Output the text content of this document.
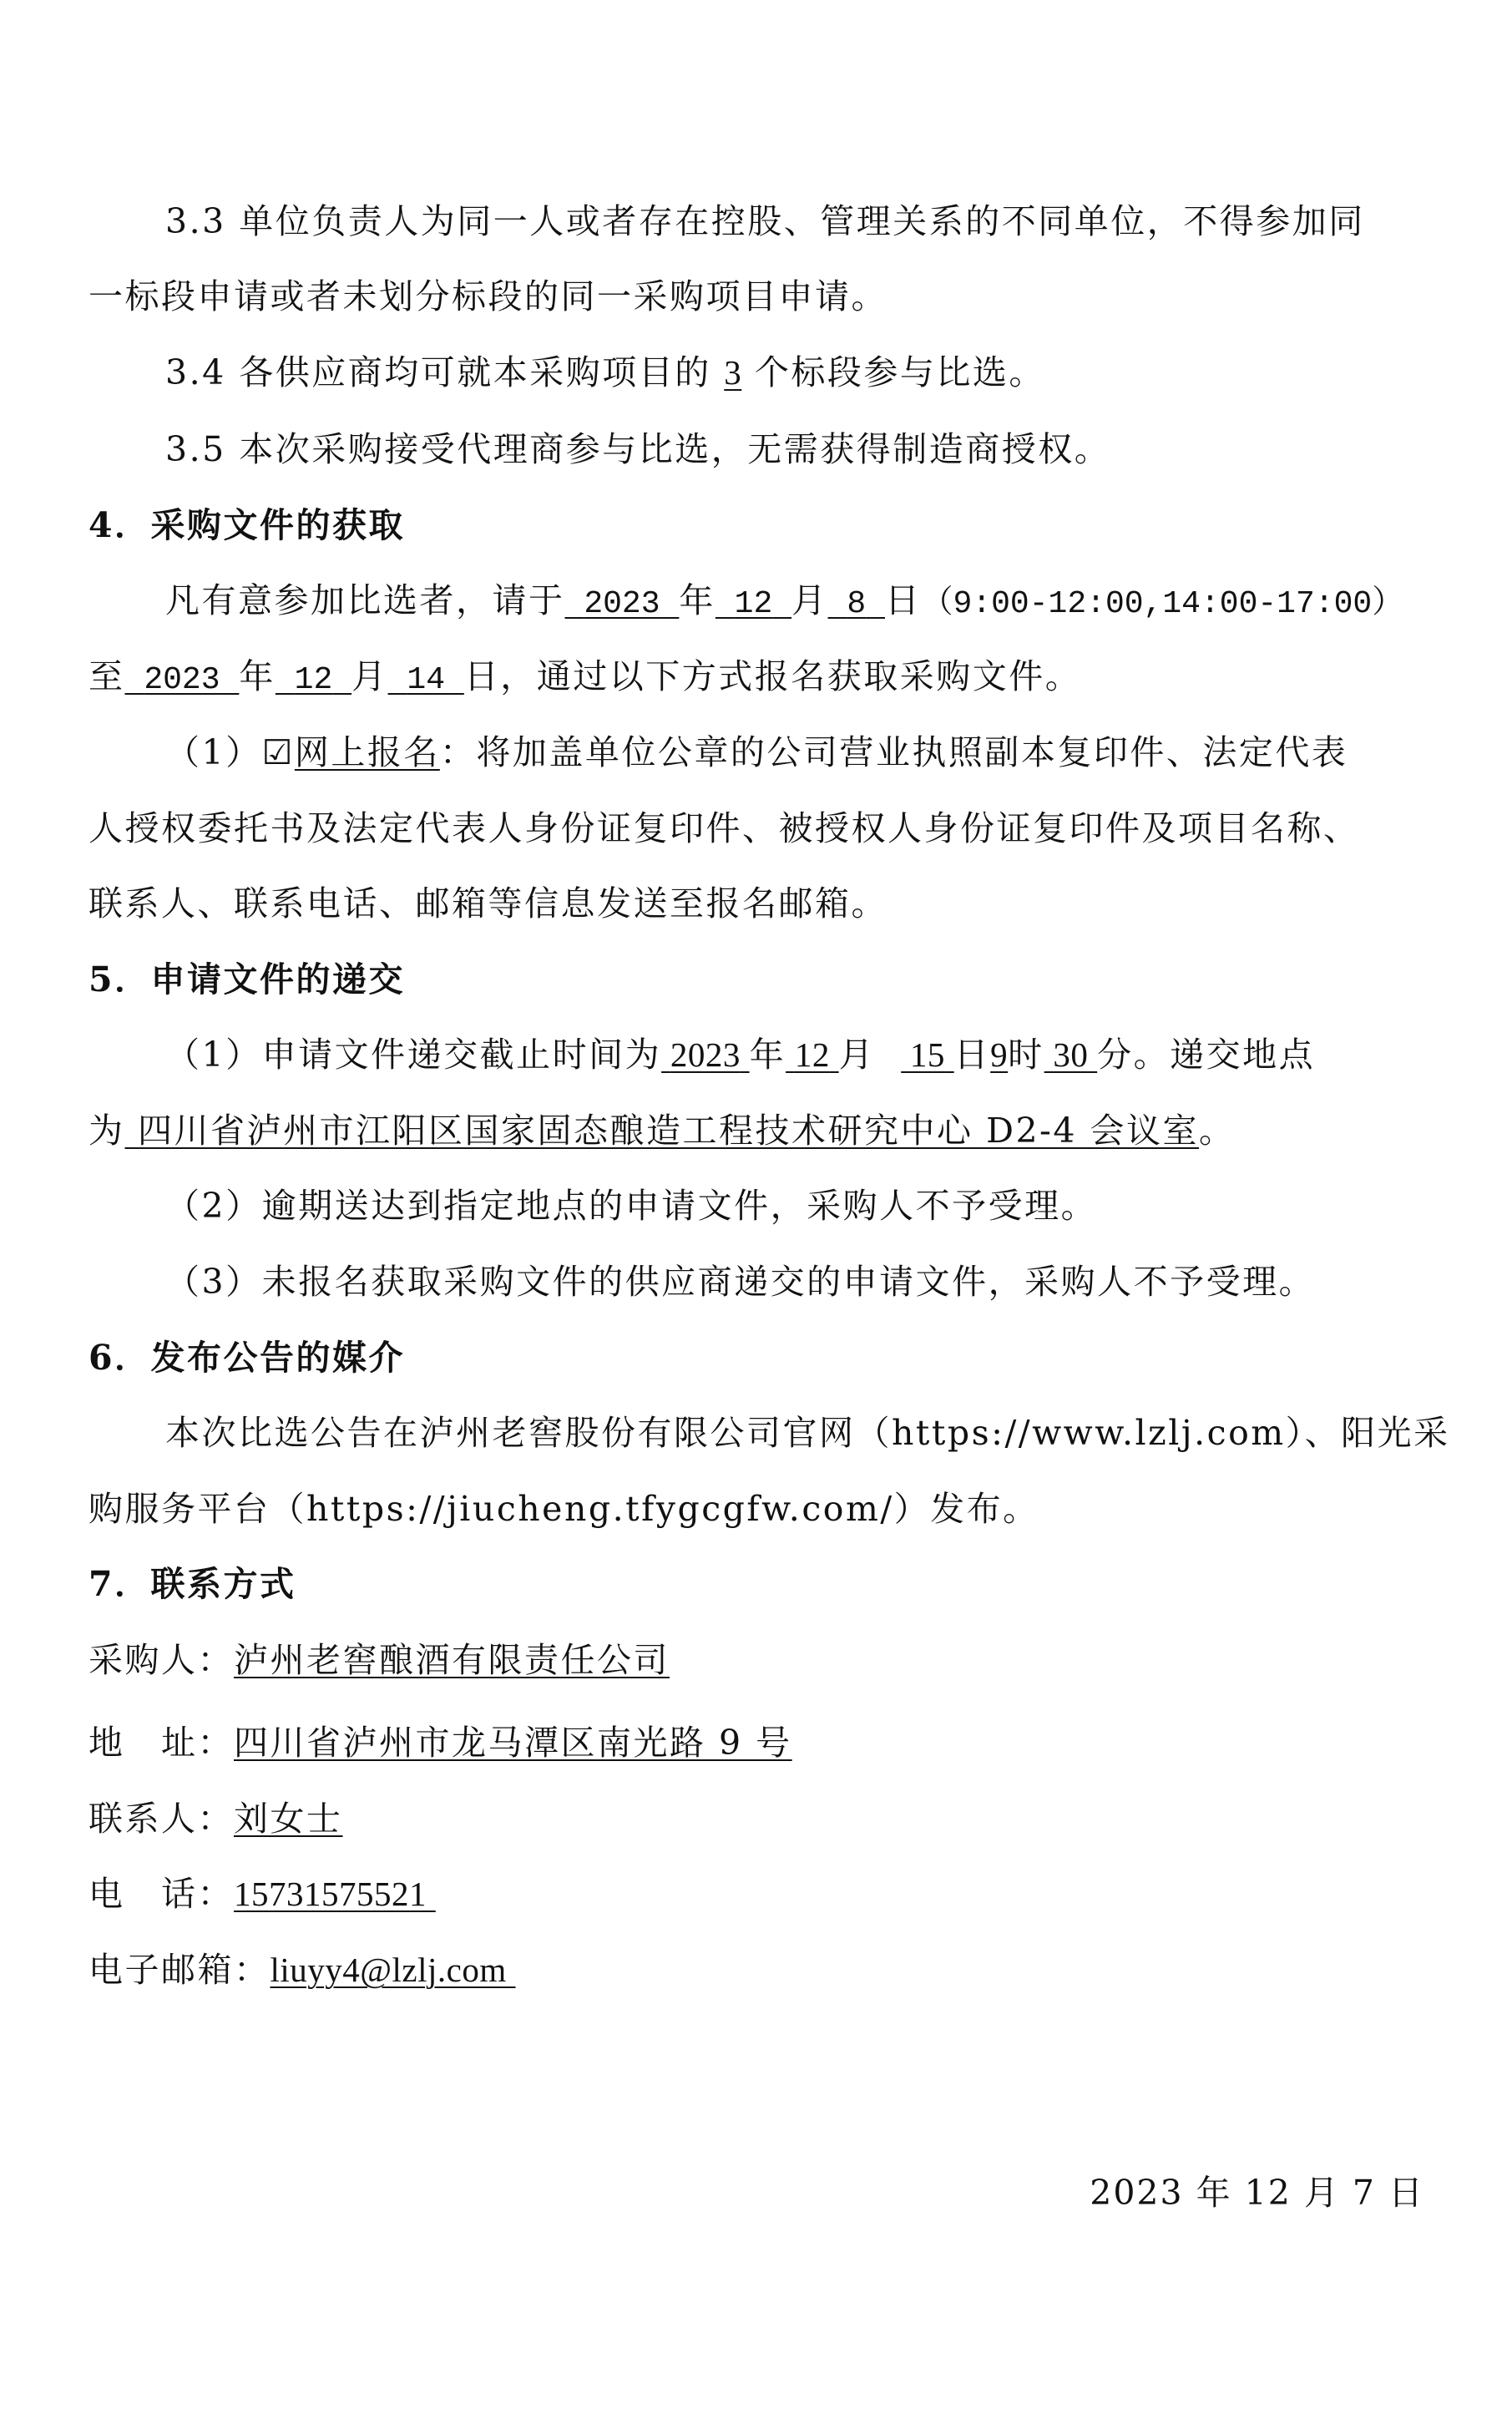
3.3 单位负责人为同一人或者存在控股、管理关系的不同单位，不得参加同
一标段申请或者未划分标段的同一采购项目申请。
3.4 各供应商均可就本采购项目的 3 个标段参与比选。
3.5 本次采购接受代理商参与比选，无需获得制造商授权。
4．采购文件的获取
凡有意参加比选者，请于 2023 年 12 月 8 日（9:00-12:00,14:00-17:00）
至 2023 年 12 月 14 日，通过以下方式报名获取采购文件。
（1）☑网上报名：将加盖单位公章的公司营业执照副本复印件、法定代表
人授权委托书及法定代表人身份证复印件、被授权人身份证复印件及项目名称、
联系人、联系电话、邮箱等信息发送至报名邮箱。
5．申请文件的递交
（1）申请文件递交截止时间为 2023 年 12 月 15 日9时 30 分。递交地点
为 四川省泸州市江阳区国家固态酿造工程技术研究中心 D2-4 会议室。
（2）逾期送达到指定地点的申请文件，采购人不予受理。
（3）未报名获取采购文件的供应商递交的申请文件，采购人不予受理。
6．发布公告的媒介
本次比选公告在泸州老窖股份有限公司官网（https://www.lzlj.com）、阳光采
购服务平台（https://jiucheng.tfygcgfw.com/）发布。
7．联系方式
采购人：泸州老窖酿酒有限责任公司
地　址：四川省泸州市龙马潭区南光路 9 号
联系人：刘女士
电　话：15731575521
电子邮箱：liuyy4@lzlj.com
2023 年 12 月 7 日
